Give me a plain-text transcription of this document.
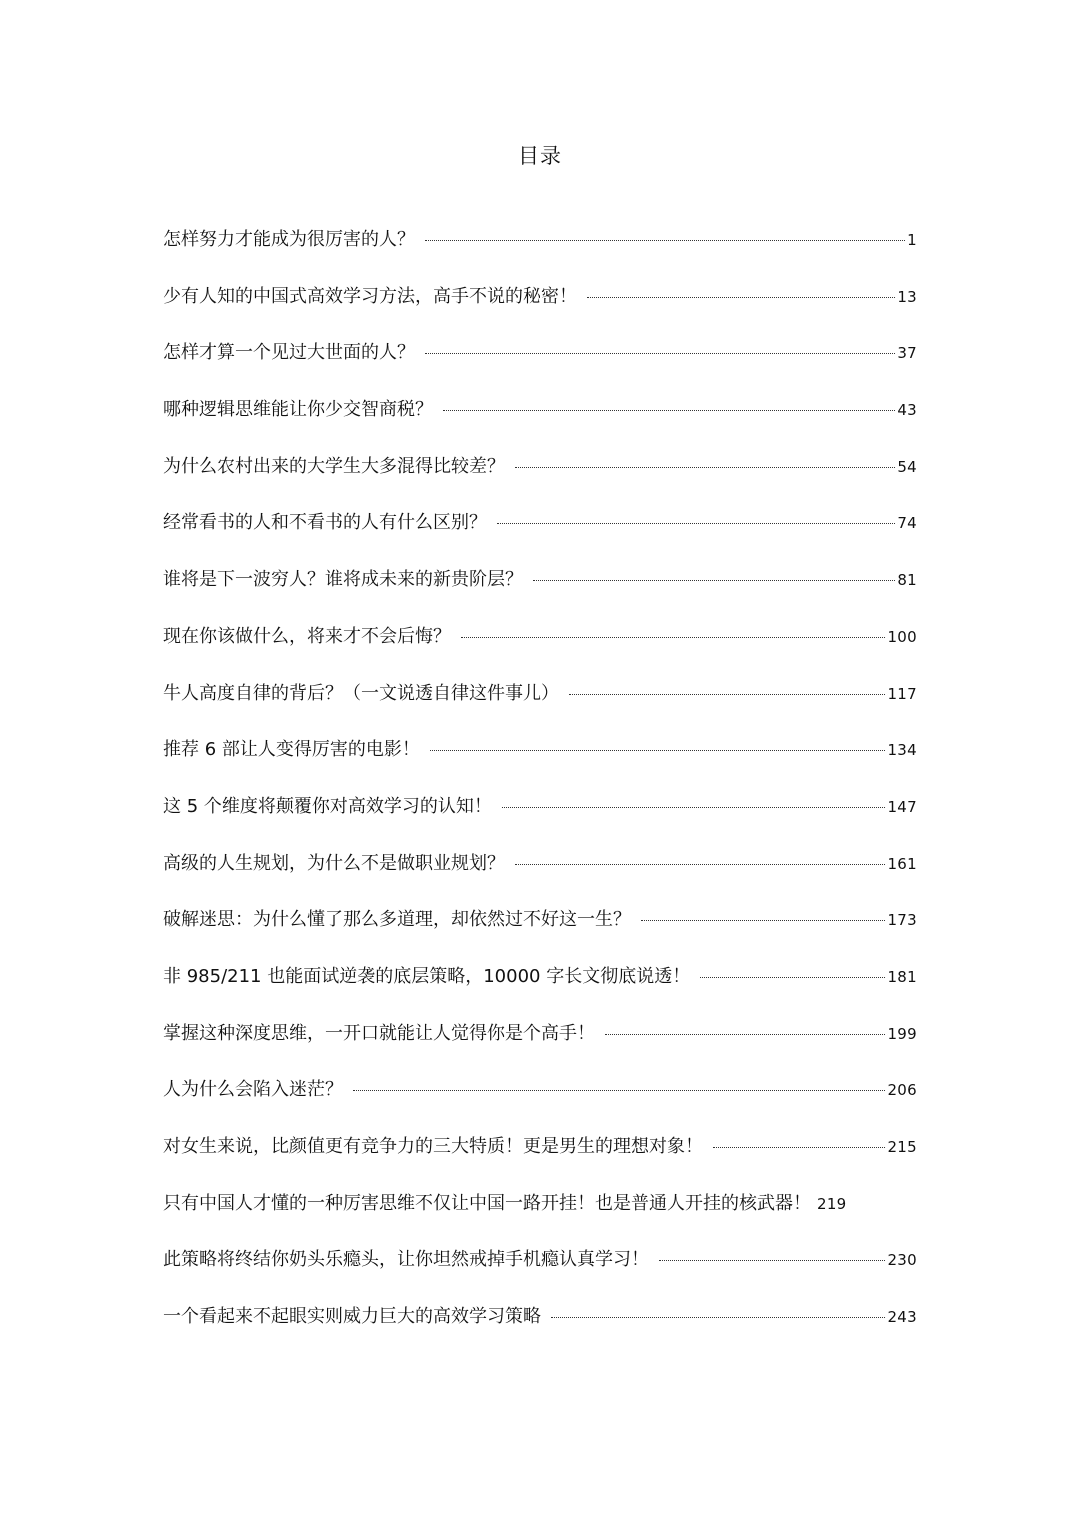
目录
怎样努力才能成为很厉害的人？	1
少有人知的中国式高效学习方法，高手不说的秘密！	13
怎样才算一个见过大世面的人？	37
哪种逻辑思维能让你少交智商税？	43
为什么农村出来的大学生大多混得比较差？	54
经常看书的人和不看书的人有什么区别？	74
谁将是下一波穷人？谁将成未来的新贵阶层？	81
现在你该做什么，将来才不会后悔？	100
牛人高度自律的背后？（一文说透自律这件事儿）	117
推荐 6 部让人变得厉害的电影！	134
这 5 个维度将颠覆你对高效学习的认知！	147
高级的人生规划，为什么不是做职业规划？	161
破解迷思：为什么懂了那么多道理，却依然过不好这一生？	173
非 985/211 也能面试逆袭的底层策略，10000 字长文彻底说透！	181
掌握这种深度思维，一开口就能让人觉得你是个高手！	199
人为什么会陷入迷茫？	206
对女生来说，比颜值更有竞争力的三大特质！更是男生的理想对象！	215
只有中国人才懂的一种厉害思维不仅让中国一路开挂！也是普通人开挂的核武器！ 219
此策略将终结你奶头乐瘾头，让你坦然戒掉手机瘾认真学习！	230
一个看起来不起眼实则威力巨大的高效学习策略	243
